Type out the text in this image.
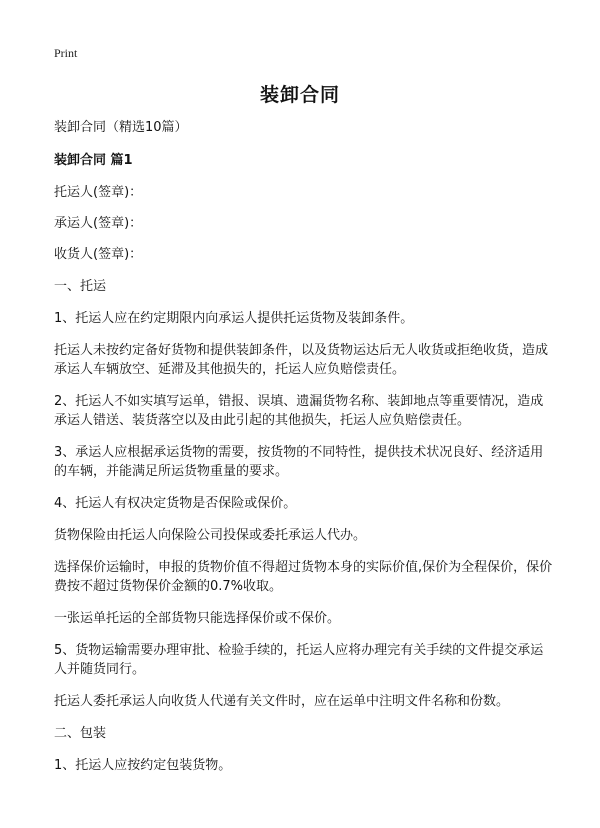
Print
装卸合同

装卸合同（精选10篇）

装卸合同 篇1

托运人(签章)：

承运人(签章)：

收货人(签章)：

一、托运

1、托运人应在约定期限内向承运人提供托运货物及装卸条件。

托运人未按约定备好货物和提供装卸条件，以及货物运达后无人收货或拒绝收货，造成承运人车辆放空、延滞及其他损失的，托运人应负赔偿责任。

2、托运人不如实填写运单，错报、误填、遗漏货物名称、装卸地点等重要情况，造成承运人错送、装货落空以及由此引起的其他损失，托运人应负赔偿责任。

3、承运人应根据承运货物的需要，按货物的不同特性，提供技术状况良好、经济适用的车辆，并能满足所运货物重量的要求。

4、托运人有权决定货物是否保险或保价。

货物保险由托运人向保险公司投保或委托承运人代办。

选择保价运输时，申报的货物价值不得超过货物本身的实际价值,保价为全程保价，保价费按不超过货物保价金额的0.7%收取。

一张运单托运的全部货物只能选择保价或不保价。

5、货物运输需要办理审批、检验手续的，托运人应将办理完有关手续的文件提交承运人并随货同行。

托运人委托承运人向收货人代递有关文件时，应在运单中注明文件名称和份数。

二、包装

1、托运人应按约定包装货物。
